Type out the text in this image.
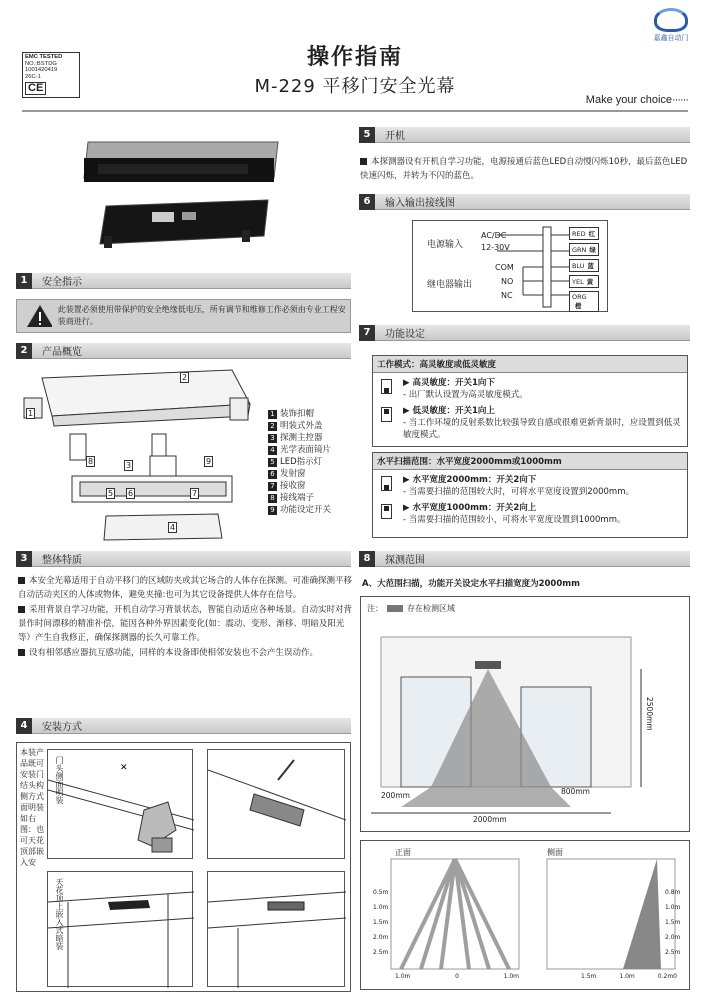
EMC TESTED
NO.:BSTDG
1001420419
26C-1
CE
操作指南
M-229 平移门安全光幕
Make your choice······
嘉鑫自动门
1	安全指示
此装置必须使用带保护的安全绝缘低电压，所有调节和维修工作必须由专业工程安装商进行。
2	产品概览
1
2
3
4
5 6	7
8	9
1 装饰扣帽
2 明装式外盖
3 探测主控器
4 光学表面镜片
5 LED指示灯
6 发射窗
7 接收窗
8 接线端子
9 功能设定开关
3	整体特质
本安全光幕适用于自动平移门的区域防夹或其它场合的人体存在探测。可准确探测平移自动活动夹区的人体或物体，避免夹撞:也可为其它设备提供人体存在信号。
采用背景自学习功能，开机自动学习背景状态，智能自动适应各种场景。自动实时对背景作时间漂移的精准补偿，能因各种外界因素变化(如：震动、变形、渐移、明暗及阳光等）产生自我修正，确保探测器的长久可靠工作。
设有相邻感应器抗互感功能，同样的本设备即使相邻安装也不会产生误动作。
4	安装方式
本装产品既可安装门结头构侧方式面明装如右图：也可天花顶部嵌入安
✕
门头侧面明装
天花顶上嵌入式暗装
5	开机
本探测器设有开机自学习功能，电源接通后蓝色LED自动慢闪烁10秒，最后蓝色LED快速闪烁，并转为不闪的蓝色。
6	输入输出接线图
电源输入
AC/DC
12-30V
继电器输出
COM
NO
NC
RED 红
GRN 绿
BLU 蓝
YEL 黄
ORG橙
7	功能设定
工作模式：高灵敏度或低灵敏度
▶ 高灵敏度：开关1向下
- 出厂默认设置为高灵敏度模式。
▶ 低灵敏度：开关1向上
- 当工作环境的反射系数比较强导致自感或很难更新背景时，应设置到低灵敏度模式。
水平扫描范围：水平宽度2000mm或1000mm
▶ 水平宽度2000mm：开关2向下
- 当需要扫描的范围较大时，可将水平宽度设置到2000mm。
▶ 水平宽度1000mm：开关2向上
- 当需要扫描的范围较小，可将水平宽度设置到1000mm。
8	探测范围
A、大范围扫描，功能开关设定水平扫描宽度为2000mm
注：	存在检测区域
2500mm
200mm	800mm
2000mm
正面	侧面
0.5m
1.0m
1.5m
2.0m
2.5m
1.0m	0	1.0m
0.8m
1.0m
1.5m
2.0m
2.5m
1.5m	1.0m	0.2m0
